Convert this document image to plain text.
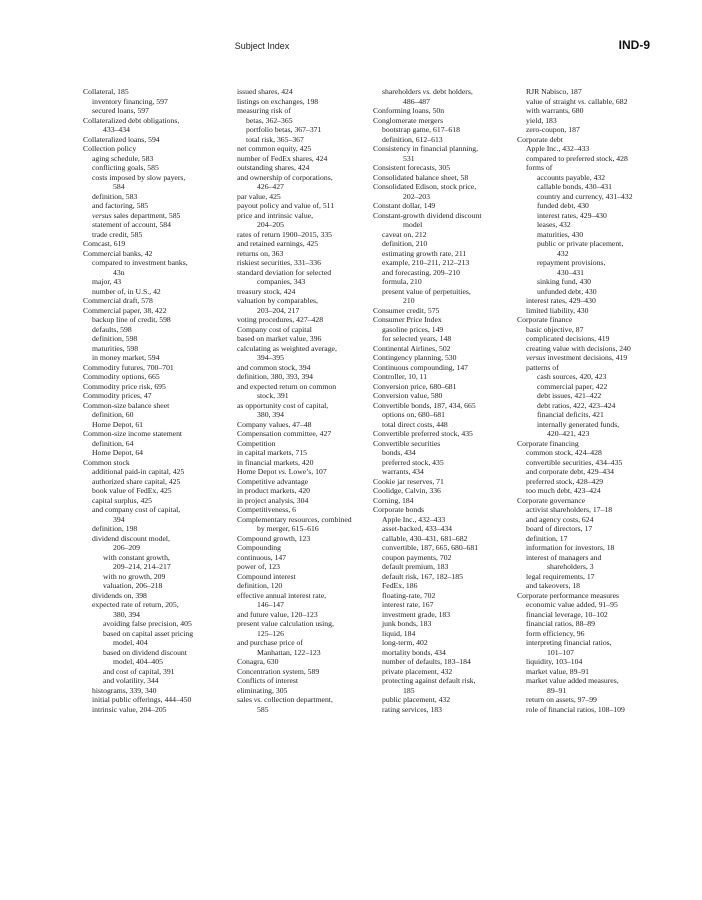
Subject Index	IND-9
Collateral, 185
inventory financing, 597
secured loans, 597
Collateralized debt obligations,
433–434
Collateralized loans, 594
Collection policy
aging schedule, 583
conflicting goals, 585
costs imposed by slow payers,
584
definition, 583
and factoring, 585
versus sales department, 585
statement of account, 584
trade credit, 585
Comcast, 619
Commercial banks, 42
compared to investment banks,
43n
major, 43
number of, in U.S., 42
Commercial draft, 578
Commercial paper, 38, 422
backup line of credit, 598
defaults, 598
definition, 598
maturities, 598
in money market, 594
Commodity futures, 700–701
Commodity options, 665
Commodity price risk, 695
Commodity prices, 47
Common-size balance sheet
definition, 60
Home Depot, 61
Common-size income statement
definition, 64
Home Depot, 64
Common stock
additional paid-in capital, 425
authorized share capital, 425
book value of FedEx, 425
capital surplus, 425
and company cost of capital,
394
definition, 198
dividend discount model,
206–209
with constant growth,
209–214, 214–217
with no growth, 209
valuation, 206–218
dividends on, 398
expected rate of return, 205,
380, 394
avoiding false precision, 405
based on capital asset pricing
model, 404
based on dividend discount
model, 404–405
and cost of capital, 391
and volatility, 344
histograms, 339, 340
initial public offerings, 444–450
intrinsic value, 204–205
issued shares, 424
listings on exchanges, 198
measuring risk of
betas, 362–365
portfolio betas, 367–371
total risk, 365–367
net common equity, 425
number of FedEx shares, 424
outstanding shares, 424
and ownership of corporations,
426–427
par value, 425
payout policy and value of, 511
price and intrinsic value,
204–205
rates of return 1900–2015, 335
and retained earnings, 425
returns on, 363
riskiest securities, 331–336
standard deviation for selected
companies, 343
treasury stock, 424
valuation by comparables,
203–204, 217
voting procedures, 427–428
Company cost of capital
based on market value, 396
calculating as weighted average,
394–395
and common stock, 394
definition, 380, 393, 394
and expected return on common
stock, 391
as opportunity cost of capital,
380, 394
Company values, 47–48
Compensation committee, 427
Competition
in capital markets, 715
in financial markets, 420
Home Depot vs. Lowe’s, 107
Competitive advantage
in product markets, 420
in project analysis, 304
Competitiveness, 6
Complementary resources, combined
by merger, 615–616
Compound growth, 123
Compounding
continuous, 147
power of, 123
Compound interest
definition, 120
effective annual interest rate,
146–147
and future value, 120–123
present value calculation using,
125–126
and purchase price of
Manhattan, 122–123
Conagra, 630
Concentration system, 589
Conflicts of interest
eliminating, 305
sales vs. collection department,
585
shareholders vs. debt holders,
486–487
Conforming loans, 50n
Conglomerate mergers
bootstrap game, 617–618
definition, 612–613
Consistency in financial planning,
531
Consistent forecasts, 305
Consolidated balance sheet, 58
Consolidated Edison, stock price,
202–203
Constant dollar, 149
Constant-growth dividend discount
model
caveat on, 212
definition, 210
estimating growth rate, 211
example, 210–211, 212–213
and forecasting, 209–210
formula, 210
present value of perpetuities,
210
Consumer credit, 575
Consumer Price Index
gasoline prices, 149
for selected years, 148
Continental Airlines, 502
Contingency planning, 530
Continuous compounding, 147
Controller, 10, 11
Conversion price, 680–681
Conversion value, 580
Convertible bonds, 187, 434, 665
options on, 680–681
total direct costs, 448
Convertible preferred stock, 435
Convertible securities
bonds, 434
preferred stock, 435
warrants, 434
Cookie jar reserves, 71
Coolidge, Calvin, 336
Corning, 184
Corporate bonds
Apple Inc., 432–433
asset-backed, 433–434
callable, 430–431, 681–682
convertible, 187, 665, 680–681
coupon payments, 702
default premium, 183
default risk, 167, 182–185
FedEx, 186
floating-rate, 702
interest rate, 167
investment grade, 183
junk bonds, 183
liquid, 184
long-term, 402
mortality bonds, 434
number of defaults, 183–184
private placement, 432
protecting against default risk,
185
public placement, 432
rating services, 183
RJR Nabisco, 187
value of straight vs. callable, 682
with warrants, 680
yield, 183
zero-coupon, 187
Corporate debt
Apple Inc., 432–433
compared to preferred stock, 428
forms of
accounts payable, 432
callable bonds, 430–431
country and currency, 431–432
funded debt, 430
interest rates, 429–430
leases, 432
maturities, 430
public or private placement,
432
repayment provisions,
430–431
sinking fund, 430
unfunded debt, 430
interest rates, 429–430
limited liability, 430
Corporate finance
basic objective, 87
complicated decisions, 419
creating value with decisions, 240
versus investment decisions, 419
patterns of
cash sources, 420, 423
commercial paper, 422
debt issues, 421–422
debt ratios, 422, 423–424
financial deficits, 421
internally generated funds,
420–421, 423
Corporate financing
common stock, 424–428
convertible securities, 434–435
and corporate debt, 429–434
preferred stock, 428–429
too much debt, 423–424
Corporate governance
activist shareholders, 17–18
and agency costs, 624
board of directors, 17
definition, 17
information for investors, 18
interest of managers and
shareholders, 3
legal requirements, 17
and takeovers, 18
Corporate performance measures
economic value added, 91–95
financial leverage, 10–102
financial ratios, 88–89
form efficiency, 96
interpreting financial ratios,
101–107
liquidity, 103–104
market value, 89–91
market value added measures,
89–91
return on assets, 97–99
role of financial ratios, 108–109
